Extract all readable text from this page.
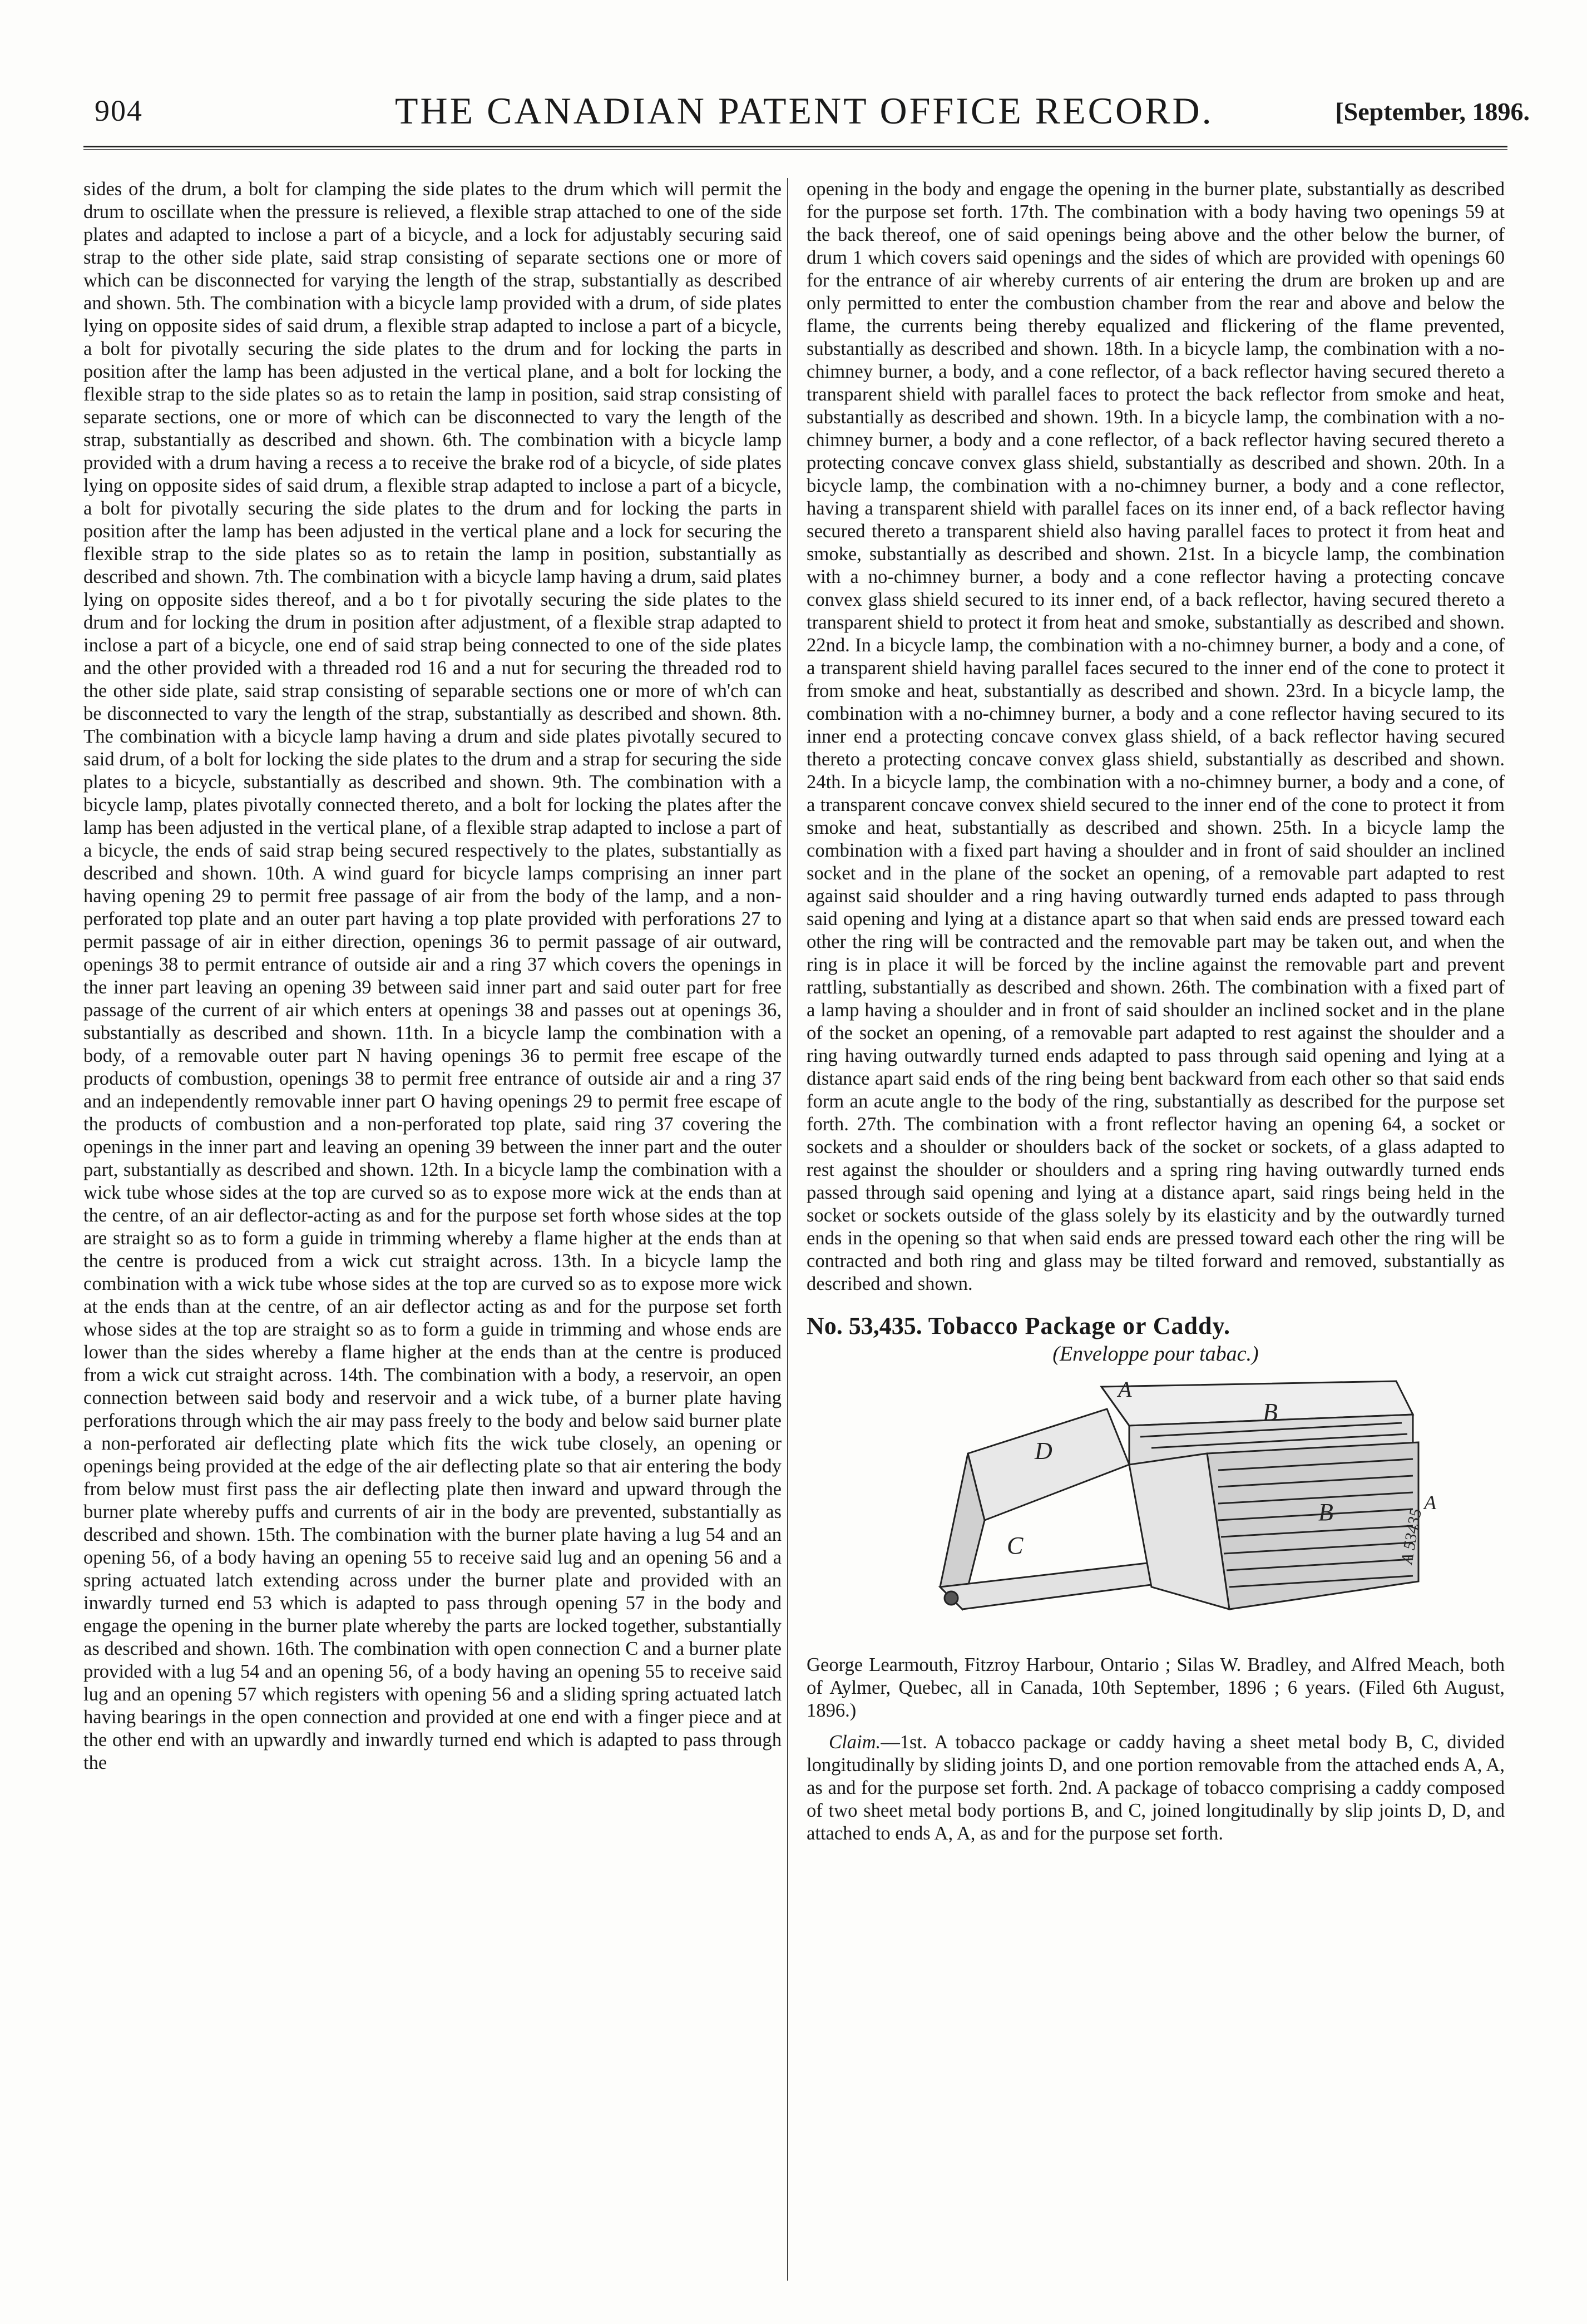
904	THE CANADIAN PATENT OFFICE RECORD.	[September, 1896.

sides of the drum, a bolt for clamping the side plates to the drum which will permit the drum to oscillate when the pressure is relieved, a flexible strap attached to one of the side plates and adapted to inclose a part of a bicycle, and a lock for adjustably securing said strap to the other side plate, said strap consisting of separate sections one or more of which can be disconnected for varying the length of the strap, substantially as described and shown. 5th. The combination with a bicycle lamp provided with a drum, of side plates lying on opposite sides of said drum, a flexible strap adapted to inclose a part of a bicycle, a bolt for pivotally securing the side plates to the drum and for locking the parts in position after the lamp has been adjusted in the vertical plane, and a bolt for locking the flexible strap to the side plates so as to retain the lamp in position, said strap consisting of separate sections, one or more of which can be disconnected to vary the length of the strap, substantially as described and shown. 6th. The combination with a bicycle lamp provided with a drum having a recess a to receive the brake rod of a bicycle, of side plates lying on opposite sides of said drum, a flexible strap adapted to inclose a part of a bicycle, a bolt for pivotally securing the side plates to the drum and for locking the parts in position after the lamp has been adjusted in the vertical plane and a lock for securing the flexible strap to the side plates so as to retain the lamp in position, substantially as described and shown. 7th. The combination with a bicycle lamp having a drum, said plates lying on opposite sides thereof, and a bo t for pivotally securing the side plates to the drum and for locking the drum in position after adjustment, of a flexible strap adapted to inclose a part of a bicycle, one end of said strap being connected to one of the side plates and the other provided with a threaded rod 16 and a nut for securing the threaded rod to the other side plate, said strap consisting of separable sections one or more of wh'ch can be disconnected to vary the length of the strap, substantially as described and shown. 8th. The combination with a bicycle lamp having a drum and side plates pivotally secured to said drum, of a bolt for locking the side plates to the drum and a strap for securing the side plates to a bicycle, substantially as described and shown. 9th. The combination with a bicycle lamp, plates pivotally connected thereto, and a bolt for locking the plates after the lamp has been adjusted in the vertical plane, of a flexible strap adapted to inclose a part of a bicycle, the ends of said strap being secured respectively to the plates, substantially as described and shown. 10th. A wind guard for bicycle lamps comprising an inner part having opening 29 to permit free passage of air from the body of the lamp, and a non-perforated top plate and an outer part having a top plate provided with perforations 27 to permit passage of air in either direction, openings 36 to permit passage of air outward, openings 38 to permit entrance of outside air and a ring 37 which covers the openings in the inner part leaving an opening 39 between said inner part and said outer part for free passage of the current of air which enters at openings 38 and passes out at openings 36, substantially as described and shown. 11th. In a bicycle lamp the combination with a body, of a removable outer part N having openings 36 to permit free escape of the products of combustion, openings 38 to permit free entrance of outside air and a ring 37 and an independently removable inner part O having openings 29 to permit free escape of the products of combustion and a non-perforated top plate, said ring 37 covering the openings in the inner part and leaving an opening 39 between the inner part and the outer part, substantially as described and shown. 12th. In a bicycle lamp the combination with a wick tube whose sides at the top are curved so as to expose more wick at the ends than at the centre, of an air deflector-acting as and for the purpose set forth whose sides at the top are straight so as to form a guide in trimming whereby a flame higher at the ends than at the centre is produced from a wick cut straight across. 13th. In a bicycle lamp the combination with a wick tube whose sides at the top are curved so as to expose more wick at the ends than at the centre, of an air deflector acting as and for the purpose set forth whose sides at the top are straight so as to form a guide in trimming and whose ends are lower than the sides whereby a flame higher at the ends than at the centre is produced from a wick cut straight across. 14th. The combination with a body, a reservoir, an open connection between said body and reservoir and a wick tube, of a burner plate having perforations through which the air may pass freely to the body and below said burner plate a non-perforated air deflecting plate which fits the wick tube closely, an opening or openings being provided at the edge of the air deflecting plate so that air entering the body from below must first pass the air deflecting plate then inward and upward through the burner plate whereby puffs and currents of air in the body are prevented, substantially as described and shown. 15th. The combination with the burner plate having a lug 54 and an opening 56, of a body having an opening 55 to receive said lug and an opening 56 and a spring actuated latch extending across under the burner plate and provided with an inwardly turned end 53 which is adapted to pass through opening 57 in the body and engage the opening in the burner plate whereby the parts are locked together, substantially as described and shown. 16th. The combination with open connection C and a burner plate provided with a lug 54 and an opening 56, of a body having an opening 55 to receive said lug and an opening 57 which registers with opening 56 and a sliding spring actuated latch having bearings in the open connection and provided at one end with a finger piece and at the other end with an upwardly and inwardly turned end which is adapted to pass through the

opening in the body and engage the opening in the burner plate, substantially as described for the purpose set forth. 17th. The combination with a body having two openings 59 at the back thereof, one of said openings being above and the other below the burner, of drum 1 which covers said openings and the sides of which are provided with openings 60 for the entrance of air whereby currents of air entering the drum are broken up and are only permitted to enter the combustion chamber from the rear and above and below the flame, the currents being thereby equalized and flickering of the flame prevented, substantially as described and shown. 18th. In a bicycle lamp, the combination with a no-chimney burner, a body, and a cone reflector, of a back reflector having secured thereto a transparent shield with parallel faces to protect the back reflector from smoke and heat, substantially as described and shown. 19th. In a bicycle lamp, the combination with a no-chimney burner, a body and a cone reflector, of a back reflector having secured thereto a protecting concave convex glass shield, substantially as described and shown. 20th. In a bicycle lamp, the combination with a no-chimney burner, a body and a cone reflector, having a transparent shield with parallel faces on its inner end, of a back reflector having secured thereto a transparent shield also having parallel faces to protect it from heat and smoke, substantially as described and shown. 21st. In a bicycle lamp, the combination with a no-chimney burner, a body and a cone reflector having a protecting concave convex glass shield secured to its inner end, of a back reflector, having secured thereto a transparent shield to protect it from heat and smoke, substantially as described and shown. 22nd. In a bicycle lamp, the combination with a no-chimney burner, a body and a cone, of a transparent shield having parallel faces secured to the inner end of the cone to protect it from smoke and heat, substantially as described and shown. 23rd. In a bicycle lamp, the combination with a no-chimney burner, a body and a cone reflector having secured to its inner end a protecting concave convex glass shield, of a back reflector having secured thereto a protecting concave convex glass shield, substantially as described and shown. 24th. In a bicycle lamp, the combination with a no-chimney burner, a body and a cone, of a transparent concave convex shield secured to the inner end of the cone to protect it from smoke and heat, substantially as described and shown. 25th. In a bicycle lamp the combination with a fixed part having a shoulder and in front of said shoulder an inclined socket and in the plane of the socket an opening, of a removable part adapted to rest against said shoulder and a ring having outwardly turned ends adapted to pass through said opening and lying at a distance apart so that when said ends are pressed toward each other the ring will be contracted and the removable part may be taken out, and when the ring is in place it will be forced by the incline against the removable part and prevent rattling, substantially as described and shown. 26th. The combination with a fixed part of a lamp having a shoulder and in front of said shoulder an inclined socket and in the plane of the socket an opening, of a removable part adapted to rest against the shoulder and a ring having outwardly turned ends adapted to pass through said opening and lying at a distance apart said ends of the ring being bent backward from each other so that said ends form an acute angle to the body of the ring, substantially as described for the purpose set forth. 27th. The combination with a front reflector having an opening 64, a socket or sockets and a shoulder or shoulders back of the socket or sockets, of a glass adapted to rest against the shoulder or shoulders and a spring ring having outwardly turned ends passed through said opening and lying at a distance apart, said rings being held in the socket or sockets outside of the glass solely by its elasticity and by the outwardly turned ends in the opening so that when said ends are pressed toward each other the ring will be contracted and both ring and glass may be tilted forward and removed, substantially as described and shown.

No. 53,435. Tobacco Package or Caddy.
(Enveloppe pour tabac.)
A
B
D
C
B	A
A 53435

George Learmouth, Fitzroy Harbour, Ontario ; Silas W. Bradley, and Alfred Meach, both of Aylmer, Quebec, all in Canada, 10th September, 1896 ; 6 years. (Filed 6th August, 1896.)

Claim.—1st. A tobacco package or caddy having a sheet metal body B, C, divided longitudinally by sliding joints D, and one portion removable from the attached ends A, A, as and for the purpose set forth. 2nd. A package of tobacco comprising a caddy composed of two sheet metal body portions B, and C, joined longitudinally by slip joints D, D, and attached to ends A, A, as and for the purpose set forth.
